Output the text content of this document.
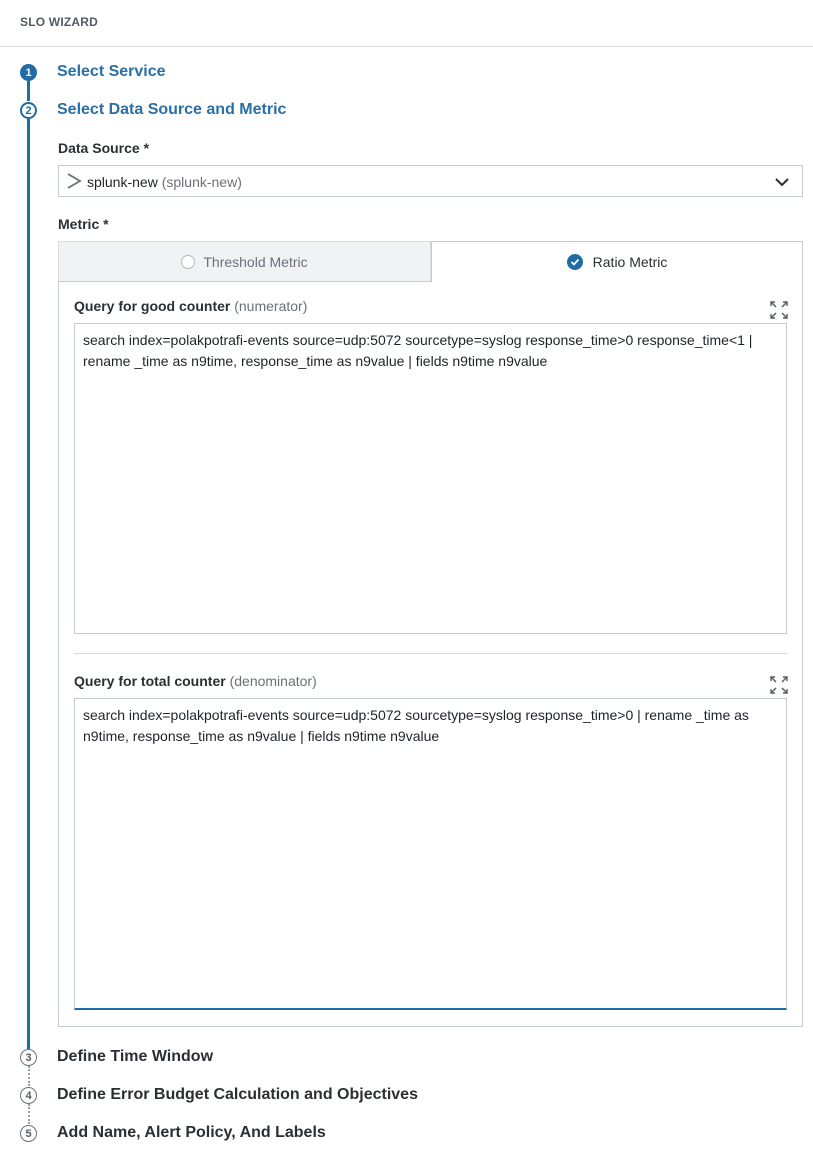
SLO WIZARD
1	Select Service
2	Select Data Source and Metric
Data Source *
splunk-new (splunk-new)
Metric *
Threshold Metric	Ratio Metric
Query for good counter (numerator)
search index=polakpotrafi-events source=udp:5072 sourcetype=syslog response_time>0 response_time<1 | rename _time as n9time, response_time as n9value | fields n9time n9value
Query for total counter (denominator)
search index=polakpotrafi-events source=udp:5072 sourcetype=syslog response_time>0 | rename _time as n9time, response_time as n9value | fields n9time n9value
3	Define Time Window
4	Define Error Budget Calculation and Objectives
5	Add Name, Alert Policy, And Labels
